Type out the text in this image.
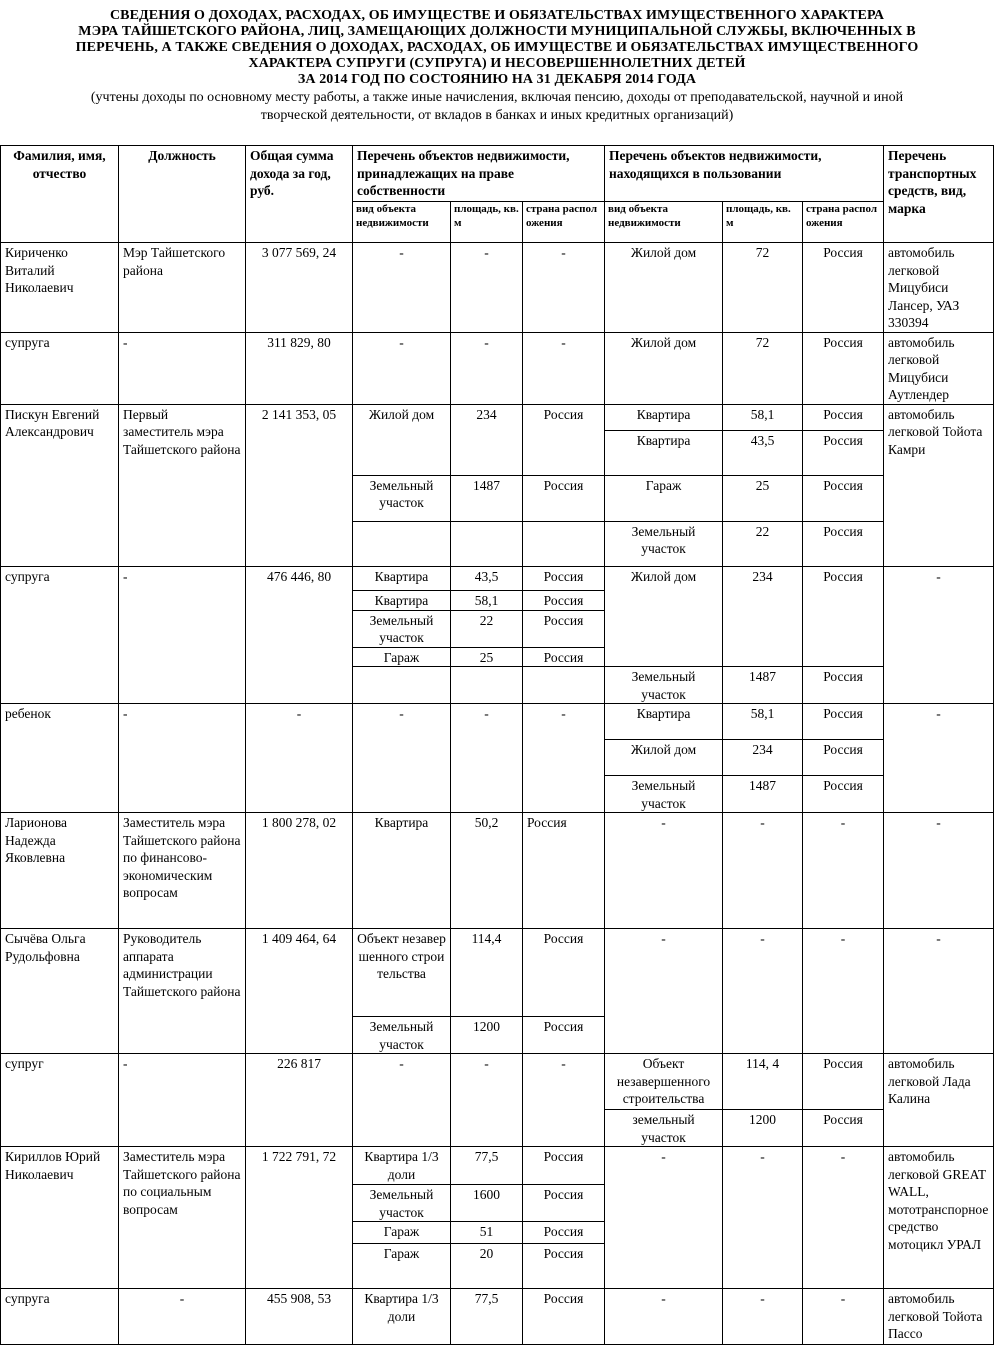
СВЕДЕНИЯ О ДОХОДАХ, РАСХОДАХ, ОБ ИМУЩЕСТВЕ И ОБЯЗАТЕЛЬСТВАХ ИМУЩЕСТВЕННОГО ХАРАКТЕРА
МЭРА ТАЙШЕТСКОГО РАЙОНА, ЛИЦ, ЗАМЕЩАЮЩИХ ДОЛЖНОСТИ МУНИЦИПАЛЬНОЙ СЛУЖБЫ, ВКЛЮЧЕННЫХ В
ПЕРЕЧЕНЬ, А ТАКЖЕ СВЕДЕНИЯ О ДОХОДАХ, РАСХОДАХ, ОБ ИМУЩЕСТВЕ И ОБЯЗАТЕЛЬСТВАХ ИМУЩЕСТВЕННОГО
ХАРАКТЕРА СУПРУГИ (СУПРУГА) И НЕСОВЕРШЕННОЛЕТНИХ ДЕТЕЙ
ЗА 2014 ГОД ПО СОСТОЯНИЮ НА 31 ДЕКАБРЯ 2014 ГОДА
(учтены доходы по основному месту работы, а также иные начисления, включая пенсию, доходы от преподавательской, научной и иной
творческой деятельности, от вкладов в банках и иных кредитных организаций)
Фамилия, имя, отчество	Должность	Общая сумма дохода за год, руб.	Перечень объектов недвижимости, принадлежащих на праве собственности			Перечень объектов недвижимости, находящихся в пользовании			Перечень транспортных средств, вид, марка
			вид объекта недвижимости	площадь, кв. м	страна расположения	вид объекта недвижимости	площадь, кв. м	страна расположения	
Кириченко Виталий Николаевич	Мэр Тайшетского района	3 077 569, 24	-	-	-	Жилой дом	72	Россия	автомобиль легковой Мицубиси Лансер, УАЗ 330394
супруга	-	311 829, 80	-	-	-	Жилой дом	72	Россия	автомобиль легковой Мицубиси Аутлендер
Пискун Евгений Александрович	Первый заместитель мэра Тайшетского района	2 141 353, 05	Жилой дом	234	Россия	Квартира	58,1	Россия	автомобиль легковой Тойота Камри
						Квартира	43,5	Россия	
			Земельный участок	1487	Россия	Гараж	25	Россия	
						Земельный участок	22	Россия	
супруга	-	476 446, 80	Квартира	43,5	Россия	Жилой дом	234	Россия	-
			Квартира	58,1	Россия				
			Земельный участок	22	Россия				
			Гараж	25	Россия				
						Земельный участок	1487	Россия	
ребенок	-	-	-	-	-	Квартира	58,1	Россия	-
						Жилой дом	234	Россия	
						Земельный участок	1487	Россия	
Ларионова Надежда Яковлевна	Заместитель мэра Тайшетского района по финансово-экономическим вопросам	1 800 278, 02	Квартира	50,2	Россия	-	-	-	-
Сычёва Ольга Рудольфовна	Руководитель аппарата администрации Тайшетского района	1 409 464, 64	Объект незавершенного строительства	114,4	Россия	-	-	-	-
			Земельный участок	1200	Россия				
супруг	-	226 817	-	-	-	Объект незавершенного строительства	114, 4	Россия	автомобиль легковой Лада Калина
						земельный участок	1200	Россия	
Кириллов Юрий Николаевич	Заместитель мэра Тайшетского района по социальным вопросам	1 722 791, 72	Квартира 1/3 доли	77,5	Россия	-	-	-	автомобиль легковой GREAT WALL, мототранспорное средство мотоцикл УРАЛ
			Земельный участок	1600	Россия				
			Гараж	51	Россия				
			Гараж	20	Россия				
супруга	-	455 908, 53	Квартира 1/3 доли	77,5	Россия	-	-	-	автомобиль легковой Тойота Пассо
